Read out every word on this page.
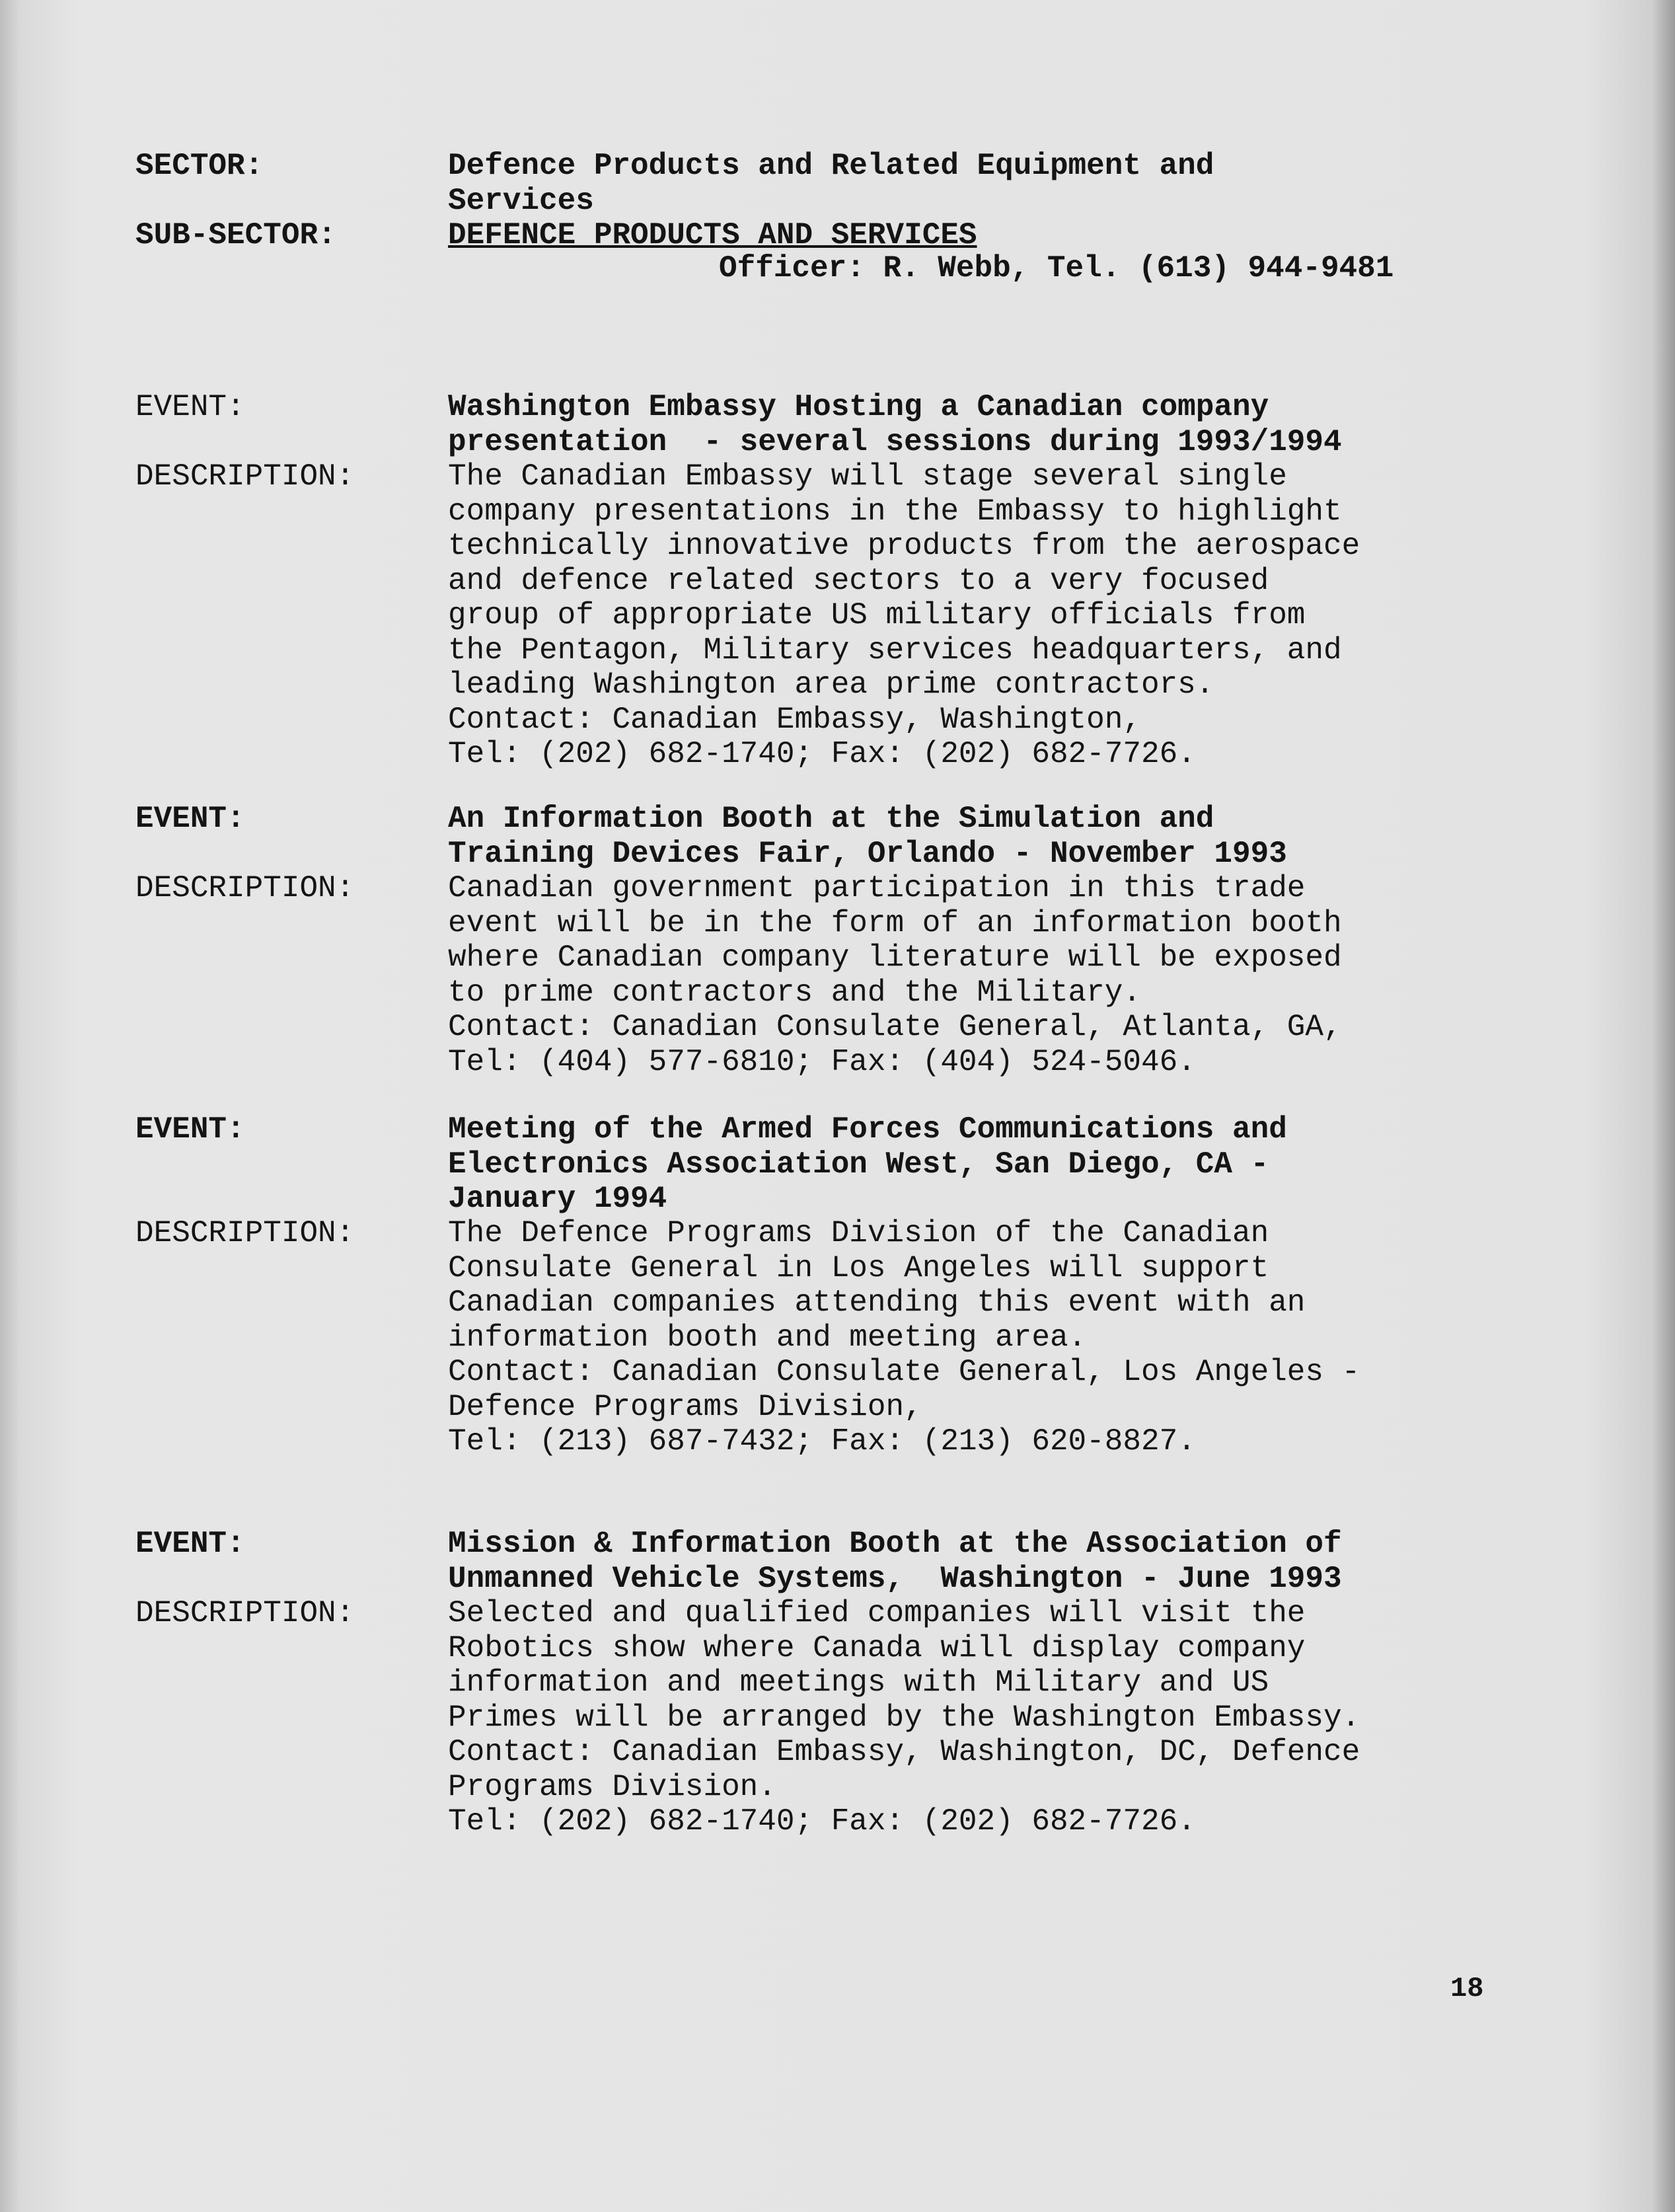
SECTOR:	Defence Products and Related Equipment and
Services
SUB-SECTOR:	DEFENCE PRODUCTS AND SERVICES
Officer: R. Webb, Tel. (613) 944-9481
EVENT:	Washington Embassy Hosting a Canadian company
presentation  - several sessions during 1993/1994
DESCRIPTION:	The Canadian Embassy will stage several single
company presentations in the Embassy to highlight
technically innovative products from the aerospace
and defence related sectors to a very focused
group of appropriate US military officials from
the Pentagon, Military services headquarters, and
leading Washington area prime contractors.
Contact: Canadian Embassy, Washington,
Tel: (202) 682-1740; Fax: (202) 682-7726.
EVENT:	An Information Booth at the Simulation and
Training Devices Fair, Orlando - November 1993
DESCRIPTION:	Canadian government participation in this trade
event will be in the form of an information booth
where Canadian company literature will be exposed
to prime contractors and the Military.
Contact: Canadian Consulate General, Atlanta, GA,
Tel: (404) 577-6810; Fax: (404) 524-5046.
EVENT:	Meeting of the Armed Forces Communications and
Electronics Association West, San Diego, CA -
January 1994
DESCRIPTION:	The Defence Programs Division of the Canadian
Consulate General in Los Angeles will support
Canadian companies attending this event with an
information booth and meeting area.
Contact: Canadian Consulate General, Los Angeles -
Defence Programs Division,
Tel: (213) 687-7432; Fax: (213) 620-8827.
EVENT:	Mission & Information Booth at the Association of
Unmanned Vehicle Systems,  Washington - June 1993
DESCRIPTION:	Selected and qualified companies will visit the
Robotics show where Canada will display company
information and meetings with Military and US
Primes will be arranged by the Washington Embassy.
Contact: Canadian Embassy, Washington, DC, Defence
Programs Division.
Tel: (202) 682-1740; Fax: (202) 682-7726.
18
